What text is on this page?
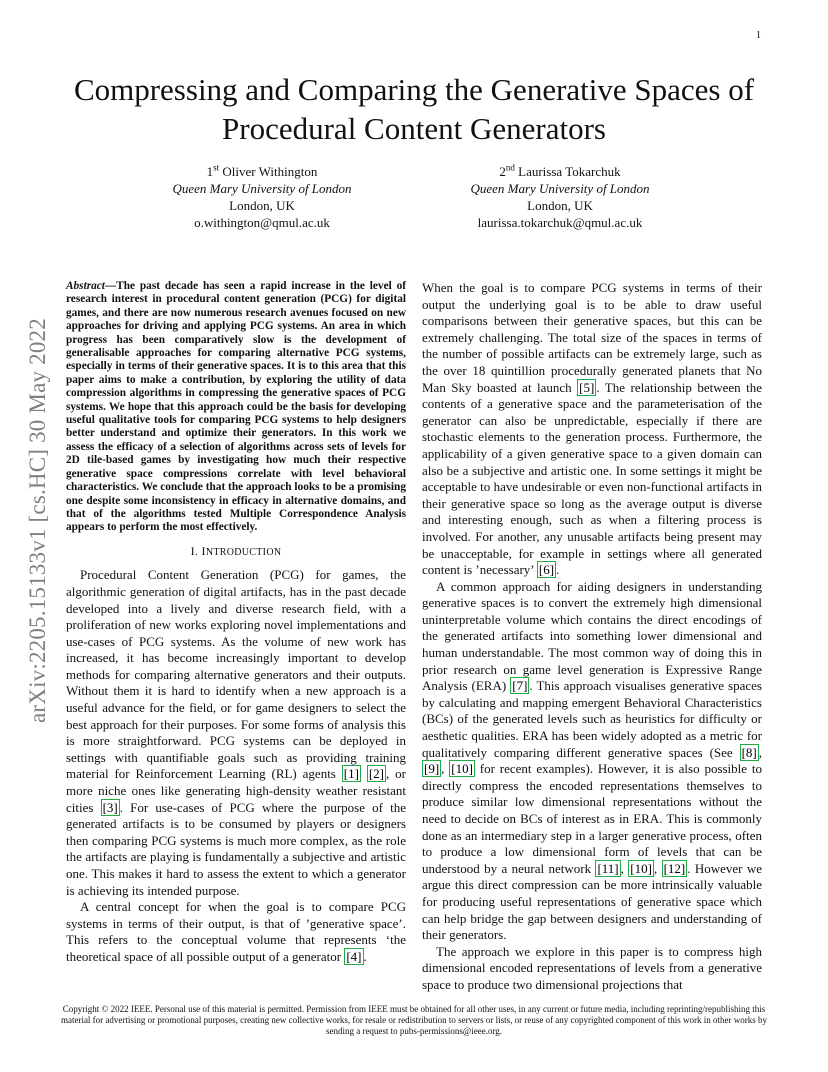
1
Compressing and Comparing the Generative Spaces of Procedural Content Generators
1st Oliver Withington
Queen Mary University of London
London, UK
o.withington@qmul.ac.uk
2nd Laurissa Tokarchuk
Queen Mary University of London
London, UK
laurissa.tokarchuk@qmul.ac.uk
arXiv:2205.15133v1 [cs.HC] 30 May 2022

Abstract—The past decade has seen a rapid increase in the level of research interest in procedural content generation (PCG) for digital games, and there are now numerous research avenues focused on new approaches for driving and applying PCG systems. An area in which progress has been comparatively slow is the development of generalisable approaches for comparing alternative PCG systems, especially in terms of their generative spaces. It is to this area that this paper aims to make a contribution, by exploring the utility of data compression algorithms in compressing the generative spaces of PCG systems. We hope that this approach could be the basis for developing useful qualitative tools for comparing PCG systems to help designers better understand and optimize their generators. In this work we assess the efficacy of a selection of algorithms across sets of levels for 2D tile-based games by investigating how much their respective generative space compressions correlate with level behavioral characteristics. We conclude that the approach looks to be a promising one despite some inconsistency in efficacy in alternative domains, and that of the algorithms tested Multiple Correspondence Analysis appears to perform the most effectively.

I. INTRODUCTION

Procedural Content Generation (PCG) for games, the algorithmic generation of digital artifacts, has in the past decade developed into a lively and diverse research field, with a proliferation of new works exploring novel implementations and use-cases of PCG systems. As the volume of new work has increased, it has become increasingly important to develop methods for comparing alternative generators and their outputs. Without them it is hard to identify when a new approach is a useful advance for the field, or for game designers to select the best approach for their purposes. For some forms of analysis this is more straightforward. PCG systems can be deployed in settings with quantifiable goals such as providing training material for Reinforcement Learning (RL) agents [1] [2] , or more niche ones like generating high-density weather resistant cities [3] . For use-cases of PCG where the purpose of the generated artifacts is to be consumed by players or designers then comparing PCG systems is much more complex, as the role the artifacts are playing is fundamentally a subjective and artistic one. This makes it hard to assess the extent to which a generator is achieving its intended purpose.

A central concept for when the goal is to compare PCG systems in terms of their output, is that of ’generative space’. This refers to the conceptual volume that represents ‘the theoretical space of all possible output of a generator [4] .

When the goal is to compare PCG systems in terms of their output the underlying goal is to be able to draw useful comparisons between their generative spaces, but this can be extremely challenging. The total size of the spaces in terms of the number of possible artifacts can be extremely large, such as the over 18 quintillion procedurally generated planets that No Man Sky boasted at launch [5] . The relationship between the contents of a generative space and the parameterisation of the generator can also be unpredictable, especially if there are stochastic elements to the generation process. Furthermore, the applicability of a given generative space to a given domain can also be a subjective and artistic one. In some settings it might be acceptable to have undesirable or even non-functional artifacts in their generative space so long as the average output is diverse and interesting enough, such as when a filtering process is involved. For another, any unusable artifacts being present may be unacceptable, for example in settings where all generated content is ’necessary’ [6] .

A common approach for aiding designers in understanding generative spaces is to convert the extremely high dimensional uninterpretable volume which contains the direct encodings of the generated artifacts into something lower dimensional and human understandable. The most common way of doing this in prior research on game level generation is Expressive Range Analysis (ERA) [7] . This approach visualises generative spaces by calculating and mapping emergent Behavioral Characteristics (BCs) of the generated levels such as heuristics for difficulty or aesthetic qualities. ERA has been widely adopted as a metric for qualitatively comparing different generative spaces (See [8] , [9] , [10] for recent examples). However, it is also possible to directly compress the encoded representations themselves to produce similar low dimensional representations without the need to decide on BCs of interest as in ERA. This is commonly done as an intermediary step in a larger generative process, often to produce a low dimensional form of levels that can be understood by a neural network [11] , [10] , [12] . However we argue this direct compression can be more intrinsically valuable for producing useful representations of generative space which can help bridge the gap between designers and understanding of their generators.

The approach we explore in this paper is to compress high dimensional encoded representations of levels from a generative space to produce two dimensional projections that

Copyright © 2022 IEEE. Personal use of this material is permitted. Permission from IEEE must be obtained for all other uses, in any current or future media, including reprinting/republishing this material for advertising or promotional purposes, creating new collective works, for resale or redistribution to servers or lists, or reuse of any copyrighted component of this work in other works by sending a request to pubs-permissions@ieee.org.
